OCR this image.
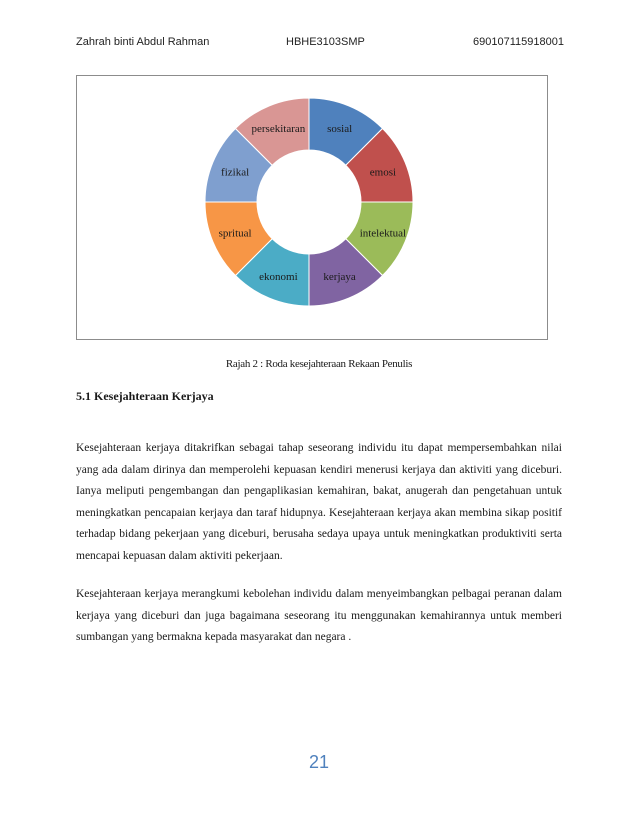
Zahrah binti Abdul Rahman	HBHE3103SMP	690107115918001
sosial
emosi
intelektual
kerjaya
ekonomi
spritual
fizikal
persekitaran
Rajah 2 : Roda kesejahteraan Rekaan Penulis
5.1 Kesejahteraan Kerjaya

Kesejahteraan kerjaya ditakrifkan sebagai tahap seseorang individu itu dapat mempersembahkan nilai yang ada dalam dirinya dan memperolehi kepuasan kendiri menerusi kerjaya dan aktiviti yang diceburi. Ianya meliputi pengembangan dan pengaplikasian kemahiran, bakat, anugerah dan pengetahuan untuk meningkatkan pencapaian kerjaya dan taraf hidupnya. Kesejahteraan kerjaya akan membina sikap positif terhadap bidang pekerjaan yang diceburi, berusaha sedaya upaya untuk meningkatkan produktiviti serta mencapai kepuasan dalam aktiviti pekerjaan.

Kesejahteraan kerjaya merangkumi kebolehan individu dalam menyeimbangkan pelbagai peranan dalam kerjaya yang diceburi dan juga bagaimana seseorang itu menggunakan kemahirannya untuk memberi sumbangan yang bermakna kepada masyarakat dan negara .

21
